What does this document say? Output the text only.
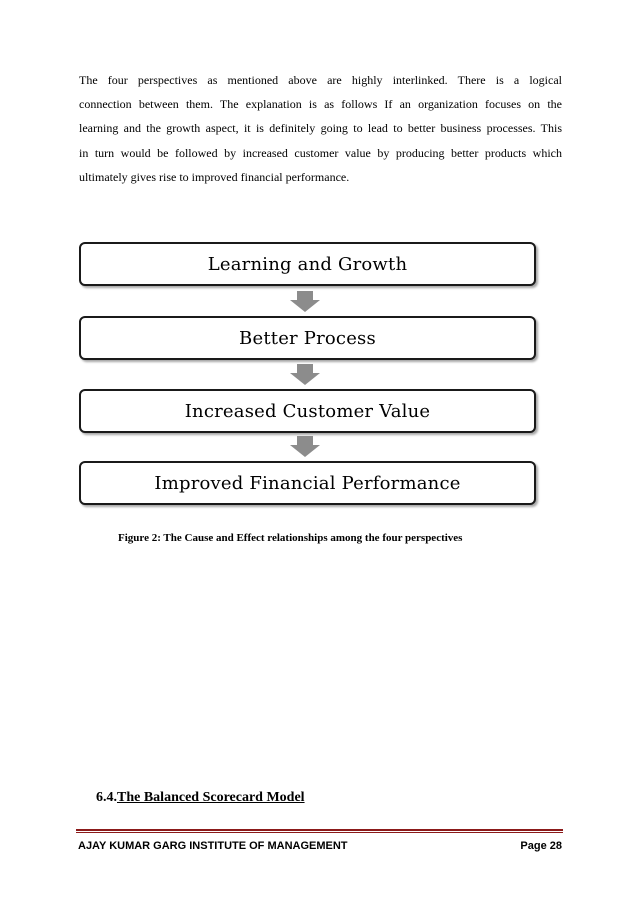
The four perspectives as mentioned above are highly interlinked. There is a logical
connection between them. The explanation is as follows If an organization focuses on the
learning and the growth aspect, it is definitely going to lead to better business processes. This
in turn would be followed by increased customer value by producing better products which
ultimately gives rise to improved financial performance.
Learning and Growth
Better Process
Increased Customer Value
Improved Financial Performance
Figure 2: The Cause and Effect relationships among the four perspectives
6.4.The Balanced Scorecard Model
AJAY KUMAR GARG INSTITUTE OF MANAGEMENT	Page 28
